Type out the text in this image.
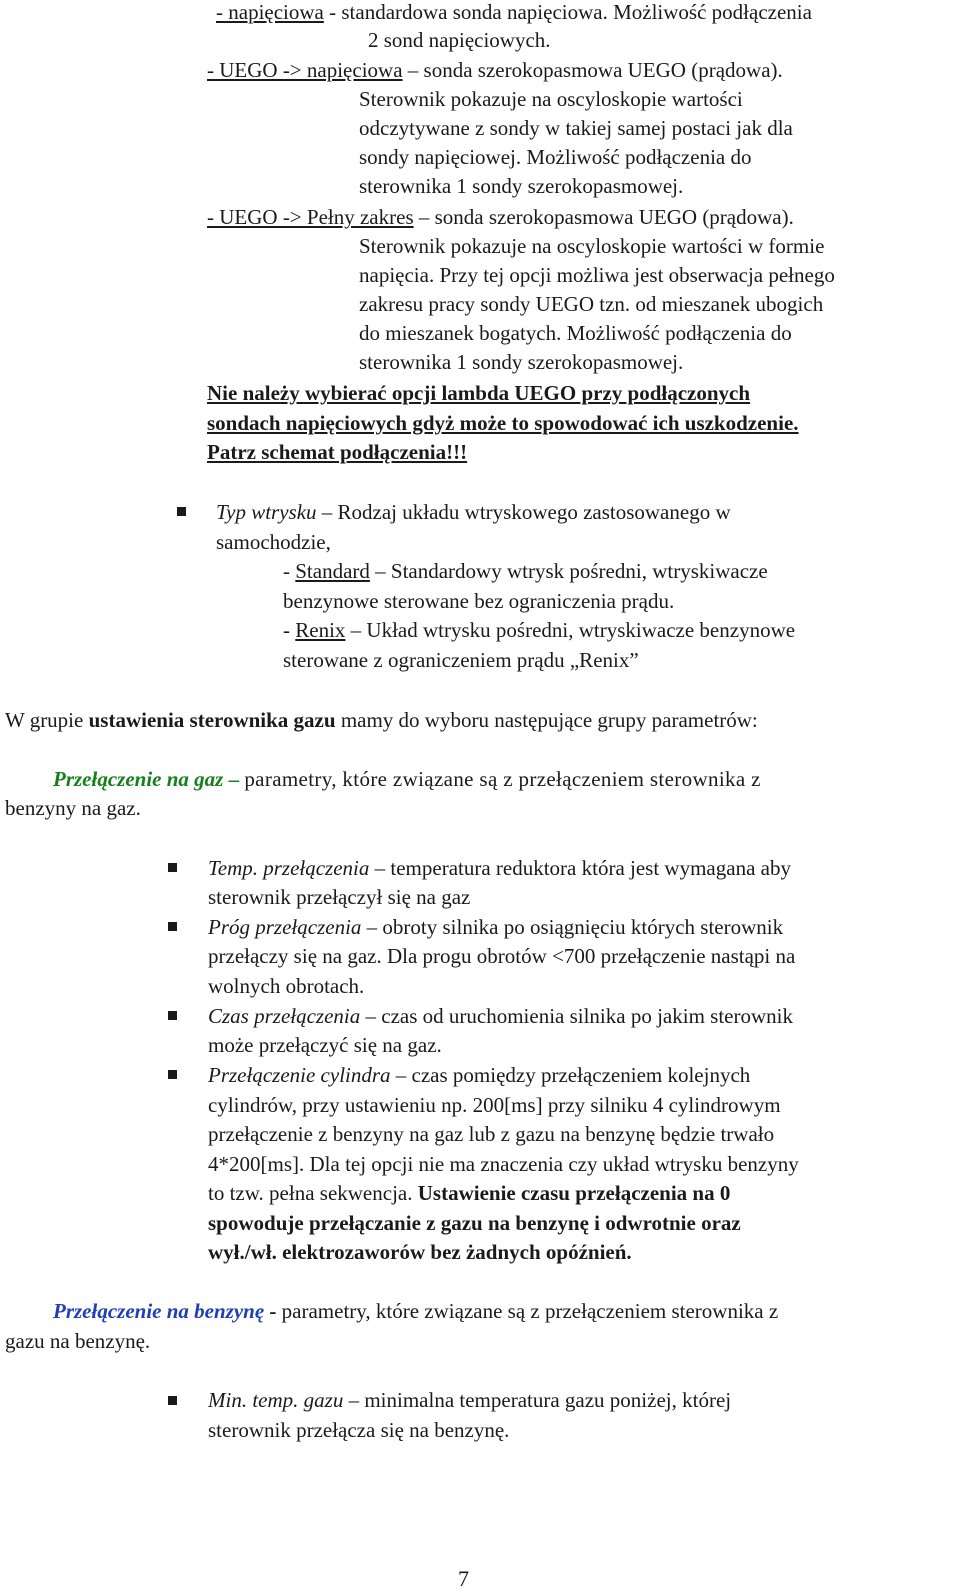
- napięciowa - standardowa sonda napięciowa. Możliwość podłączenia
2 sond napięciowych.
- UEGO -> napięciowa – sonda szerokopasmowa UEGO (prądowa).
Sterownik pokazuje na oscyloskopie wartości
odczytywane z sondy w takiej samej postaci jak dla
sondy napięciowej. Możliwość podłączenia do
sterownika 1 sondy szerokopasmowej.
- UEGO -> Pełny zakres – sonda szerokopasmowa UEGO (prądowa).
Sterownik pokazuje na oscyloskopie wartości w formie
napięcia. Przy tej opcji możliwa jest obserwacja pełnego
zakresu pracy sondy UEGO tzn. od mieszanek ubogich
do mieszanek bogatych. Możliwość podłączenia do
sterownika 1 sondy szerokopasmowej.
Nie należy wybierać opcji lambda UEGO przy podłączonych
sondach napięciowych gdyż może to spowodować ich uszkodzenie.
Patrz schemat podłączenia!!!
Typ wtrysku – Rodzaj układu wtryskowego zastosowanego w
samochodzie,
- Standard – Standardowy wtrysk pośredni, wtryskiwacze
benzynowe sterowane bez ograniczenia prądu.
- Renix – Układ wtrysku pośredni, wtryskiwacze benzynowe
sterowane z ograniczeniem prądu „Renix”
W grupie ustawienia sterownika gazu mamy do wyboru następujące grupy parametrów:
Przełączenie na gaz – parametry, które związane są z przełączeniem sterownika z
benzyny na gaz.
Temp. przełączenia – temperatura reduktora która jest wymagana aby
sterownik przełączył się na gaz
Próg przełączenia – obroty silnika po osiągnięciu których sterownik
przełączy się na gaz. Dla progu obrotów <700 przełączenie nastąpi na
wolnych obrotach.
Czas przełączenia – czas od uruchomienia silnika po jakim sterownik
może przełączyć się na gaz.
Przełączenie cylindra – czas pomiędzy przełączeniem kolejnych
cylindrów, przy ustawieniu np. 200[ms] przy silniku 4 cylindrowym
przełączenie z benzyny na gaz lub z gazu na benzynę będzie trwało
4*200[ms]. Dla tej opcji nie ma znaczenia czy układ wtrysku benzyny
to tzw. pełna sekwencja. Ustawienie czasu przełączenia na 0
spowoduje przełączanie z gazu na benzynę i odwrotnie oraz
wył./wł. elektrozaworów bez żadnych opóźnień.
Przełączenie na benzynę - parametry, które związane są z przełączeniem sterownika z
gazu na benzynę.
Min. temp. gazu – minimalna temperatura gazu poniżej, której
sterownik przełącza się na benzynę.
7
